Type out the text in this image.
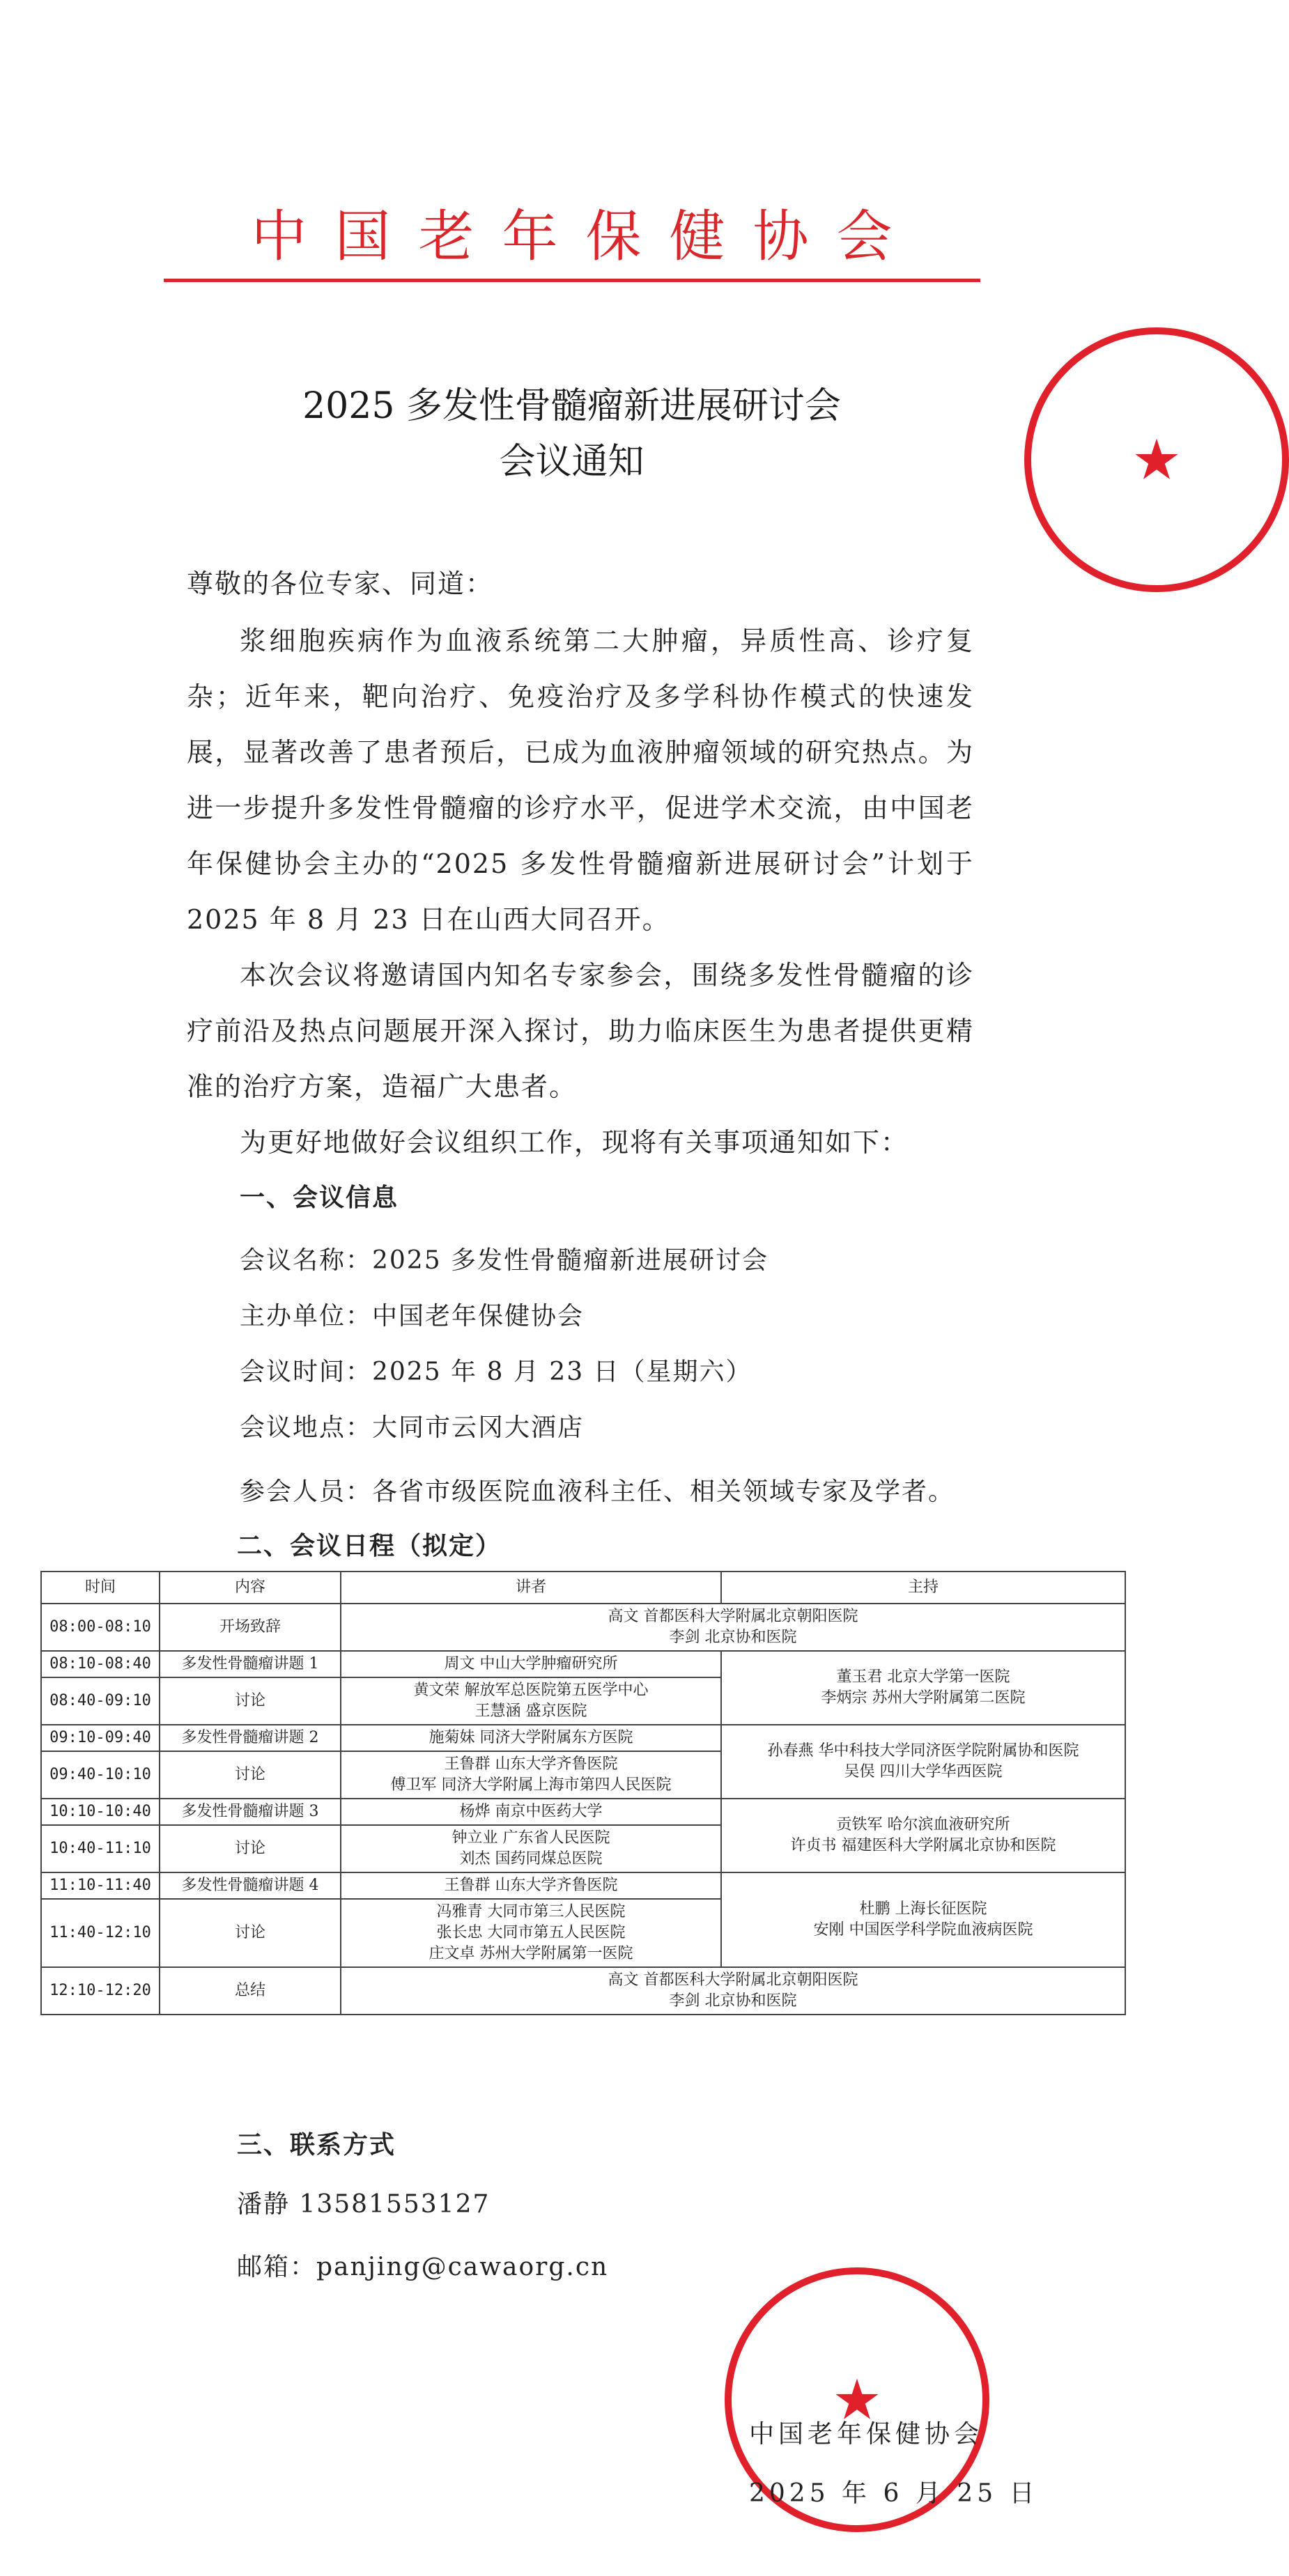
中国老年保健协会
★
2025 多发性骨髓瘤新进展研讨会
会议通知
尊敬的各位专家、同道：
浆细胞疾病作为血液系统第二大肿瘤，异质性高、诊疗复杂；近年来，靶向治疗、免疫治疗及多学科协作模式的快速发展，显著改善了患者预后，已成为血液肿瘤领域的研究热点。为进一步提升多发性骨髓瘤的诊疗水平，促进学术交流，由中国老年保健协会主办的“2025 多发性骨髓瘤新进展研讨会”计划于 2025 年 8 月 23 日在山西大同召开。
本次会议将邀请国内知名专家参会，围绕多发性骨髓瘤的诊疗前沿及热点问题展开深入探讨，助力临床医生为患者提供更精准的治疗方案，造福广大患者。
为更好地做好会议组织工作，现将有关事项通知如下：
一、会议信息
会议名称：2025 多发性骨髓瘤新进展研讨会
主办单位：中国老年保健协会
会议时间：2025 年 8 月 23 日（星期六）
会议地点：大同市云冈大酒店
参会人员：各省市级医院血液科主任、相关领域专家及学者。
二、会议日程（拟定）
时间	内容	讲者	主持
08:00-08:10	开场致辞	高文 首都医科大学附属北京朝阳医院
李剑 北京协和医院	

08:10-08:40	多发性骨髓瘤讲题 1	周文 中山大学肿瘤研究所	董玉君 北京大学第一医院
李炳宗 苏州大学附属第二医院

08:40-09:10	讨论	黄文荣 解放军总医院第五医学中心
王慧涵 盛京医院	

09:10-09:40	多发性骨髓瘤讲题 2	施菊妹 同济大学附属东方医院	孙春燕 华中科技大学同济医学院附属协和医院
吴俣 四川大学华西医院

09:40-10:10	讨论	王鲁群 山东大学齐鲁医院
傅卫军 同济大学附属上海市第四人民医院	

10:10-10:40	多发性骨髓瘤讲题 3	杨烨 南京中医药大学	贡铁军 哈尔滨血液研究所
许贞书 福建医科大学附属北京协和医院

10:40-11:10	讨论	钟立业 广东省人民医院
刘杰 国药同煤总医院	

11:10-11:40	多发性骨髓瘤讲题 4	王鲁群 山东大学齐鲁医院	杜鹏 上海长征医院
安刚 中国医学科学院血液病医院

11:40-12:10	讨论	冯雅青 大同市第三人民医院
张长忠 大同市第五人民医院
庄文卓 苏州大学附属第一医院	

12:10-12:20	总结	高文 首都医科大学附属北京朝阳医院
李剑 北京协和医院	
三、联系方式
潘静 13581553127
邮箱：panjing@cawaorg.cn
★
中国老年保健协会
2025 年 6 月 25 日
